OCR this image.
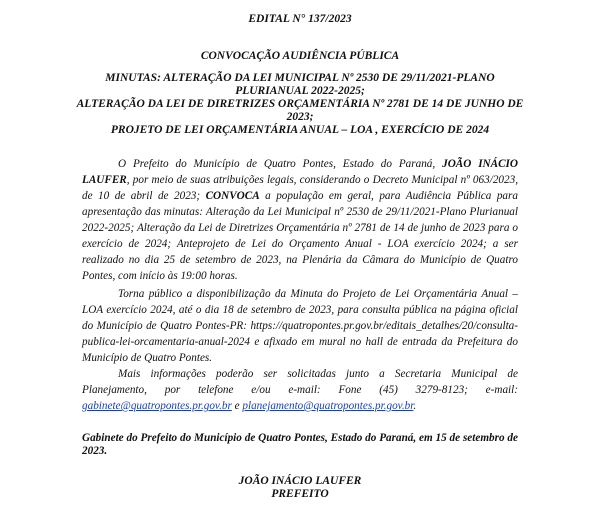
EDITAL N° 137/2023
CONVOCAÇÃO AUDIÊNCIA PÚBLICA
MINUTAS: ALTERAÇÃO DA LEI MUNICIPAL Nº 2530 DE 29/11/2021-PLANO
PLURIANUAL 2022-2025;
ALTERAÇÃO DA LEI DE DIRETRIZES ORÇAMENTÁRIA Nº 2781 DE 14 DE JUNHO DE
2023;
PROJETO DE LEI ORÇAMENTÁRIA ANUAL – LOA , EXERCÍCIO DE 2024
O Prefeito do Município de Quatro Pontes, Estado do Paraná, JOÃO INÁCIO LAUFER, por meio de suas atribuições legais, considerando o Decreto Municipal nº 063/2023, de 10 de abril de 2023; CONVOCA a população em geral, para Audiência Pública para apresentação das minutas: Alteração da Lei Municipal nº 2530 de 29/11/2021-Plano Plurianual 2022-2025; Alteração da Lei de Diretrizes Orçamentária nº 2781 de 14 de junho de 2023 para o exercício de 2024; Anteprojeto de Lei do Orçamento Anual - LOA exercício 2024; a ser realizado no dia 25 de setembro de 2023, na Plenária da Câmara do Município de Quatro Pontes, com início às 19:00 horas.
Torna público a disponibilização da Minuta do Projeto de Lei Orçamentária Anual – LOA exercício 2024, até o dia 18 de setembro de 2023, para consulta pública na página oficial do Município de Quatro Pontes-PR: https://quatropontes.pr.gov.br/editais_detalhes/20/consulta-publica-lei-orcamentaria-anual-2024 e afixado em mural no hall de entrada da Prefeitura do Município de Quatro Pontes.
Mais informações poderão ser solicitadas junto a Secretaria Municipal de Planejamento, por telefone e/ou e-mail: Fone (45) 3279-8123; e-mail: gabinete@quatropontes.pr.gov.br e planejamento@quatropontes.pr.gov.br.
Gabinete do Prefeito do Município de Quatro Pontes, Estado do Paraná, em 15 de setembro de 2023.
JOÃO INÁCIO LAUFER
PREFEITO
